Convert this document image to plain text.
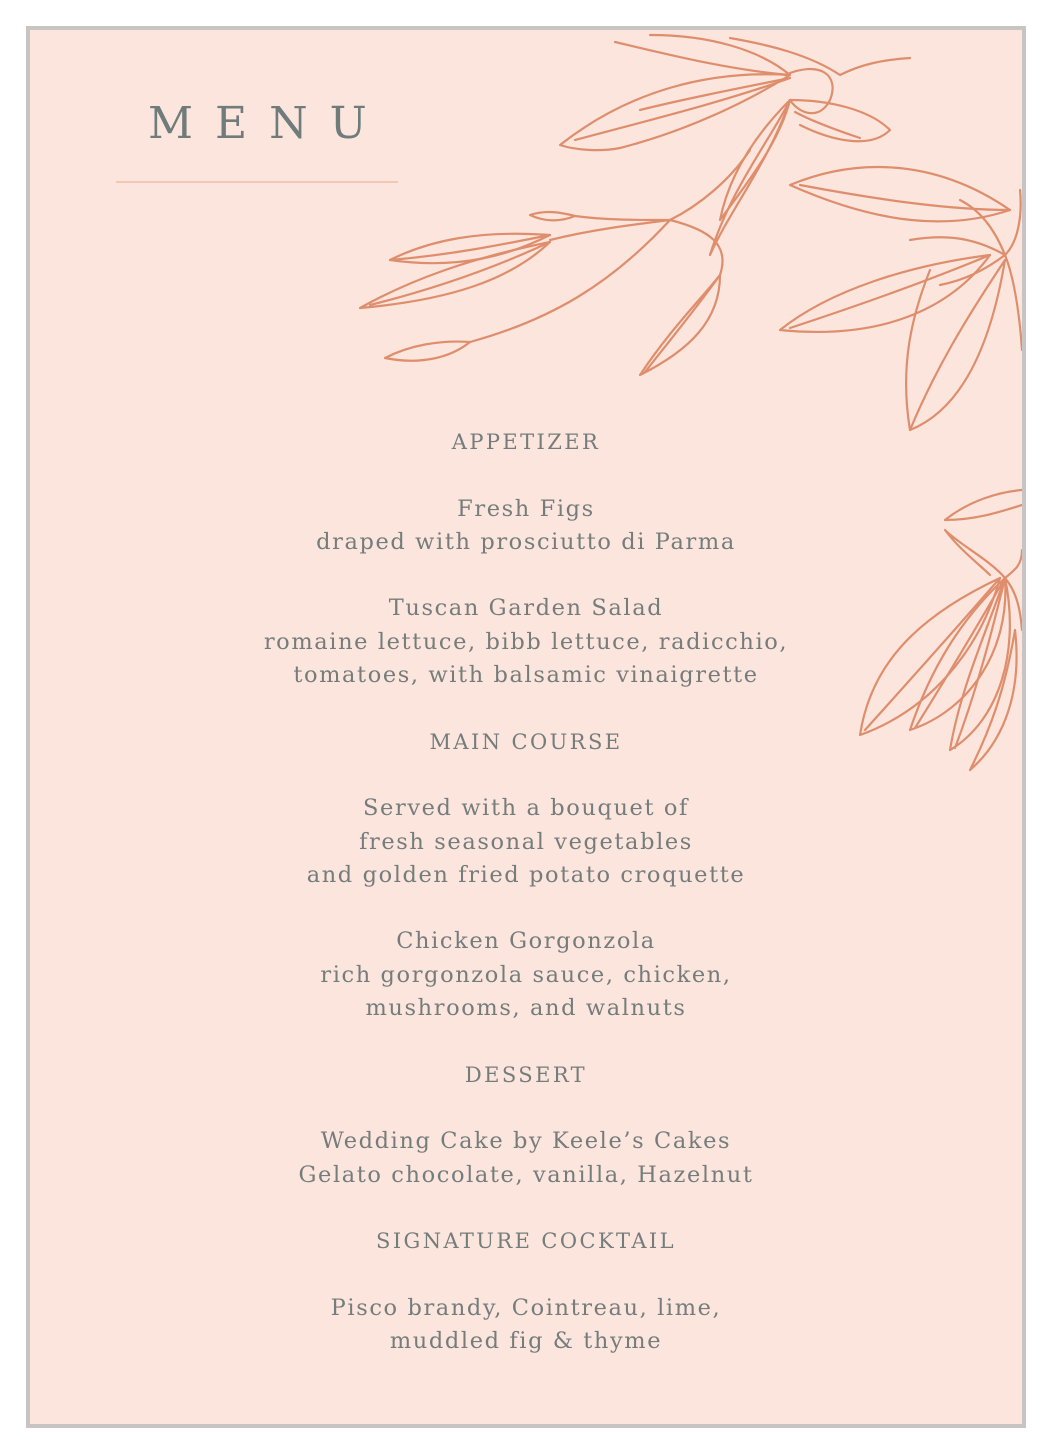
MENU
APPETIZER
Fresh Figs
draped with prosciutto di Parma
Tuscan Garden Salad
romaine lettuce, bibb lettuce, radicchio,
tomatoes, with balsamic vinaigrette
MAIN COURSE
Served with a bouquet of
fresh seasonal vegetables
and golden fried potato croquette
Chicken Gorgonzola
rich gorgonzola sauce, chicken,
mushrooms, and walnuts
DESSERT
Wedding Cake by Keele’s Cakes
Gelato chocolate, vanilla, Hazelnut
SIGNATURE COCKTAIL
Pisco brandy, Cointreau, lime,
muddled fig & thyme
